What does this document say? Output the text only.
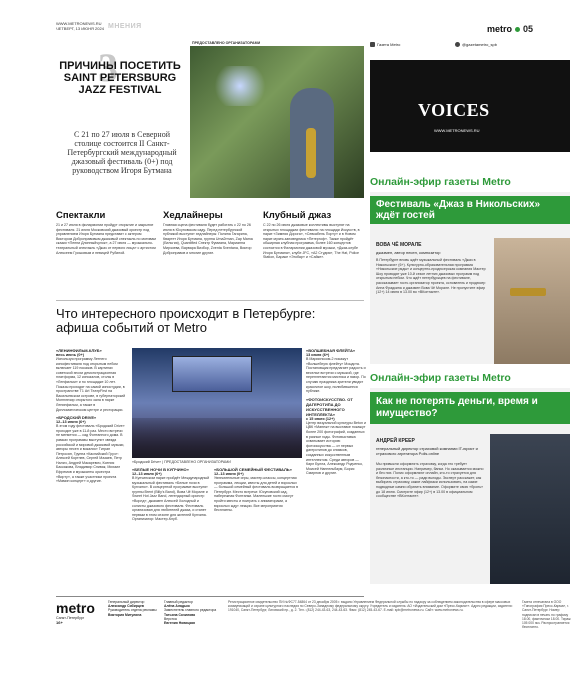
WWW.METRONEWS.RU
ЧЕТВЕРГ, 13 ИЮНЯ 2024 МНЕНИЯ
Газета Metro	@gazetametro_spb
metro 05
3
ПРИЧИНЫ ПОСЕТИТЬ SAINT PETERSBURG JAZZ FESTIVAL
С 21 по 27 июля в Северной столице состоится II Санкт-Петербургский международный джазовый фестиваль (0+) под руководством Игоря Бутмана
ПРЕДОСТАВЛЕНО ОРГАНИЗАТОРАМИ
Спектакли
21 и 27 июля в филармонии пройдут открытие и закрытие фестиваля. 21 июля Московский джазовый оркестр под управлением Игоря Бутмана представит с актером Виктором Добронравовым джазовый спектакль по мотивам сказки «Пеппи Длинныйчулок», а 27 июля — музыкально-театральный спектакль «Джаз от первого лица» с артистом Алексеем Гуськовым и певицей Рубиной.
Хедлайнеры
Главная сцена фестиваля будет работать с 22 по 26 июля в Юсуповском саду. Перед петербургской публикой выступят хедлайнеры: Полина Гагарина, Квартет Игоря Бутмана, группа Uma2rman, Zap Mama (Бельгия), Quantified Спектр Фумиана, Марианна Мирзоева, Варвара Визбор, Zventa Sventana, Виктор Добронравов и многие другие.
Клубный джаз
С 22 по 26 июля джазовые коллективы выступят на открытых площадках фестиваля: на площади Искусств, в парке «Зимняя Дорога», «Севкабель Порту» и в Новом парке музея-заповедника «Петергоф». Также пройдёт обширная клубная программа, более 160 концертов состоится в Филармонии джазовой музыки, «Джаз-клубе Игоря Бутмана», клубе JFC, «А2 Студия», The Hat, Police Station, Бараке «Эгобар» и «Сайке».
Что интересного происходит в Петербурге: афиша событий от Metro
«ЛЕНИНФИЛЬМ-КЛУБ»
весь июнь (0+)
Используя программу Летнего кинофестиваля под открытым небом включает 119 показов. В картинах советской эпохи демонстрационная платформа, 12 кинозалов, столы в «Ленфильм» и по площадке 10 лет. Показы проходят на самой киностудии, в пространстве Т1 Art ТеатрFirst на Васильевском острове, в губернаторский Монплезир открытого зала в парке Ленинфильм, а также в Дипломатическом центре и ресторации.
«БРОДСКИЙ DRIVE»
12–13 июня (6+)
В этом году фестиваль «Бродский Drive» проходит уже в 11-й раз. Место встречи не меняется — сад Фонтанного дома. В рамках программы выступит звезда российской и мировой джазовой музыки, авторы песен и вокалист Тигран Петросян, Группа «Каспийский Груз»: Алексей Кортнев, Сергей Мазаев, Петр Налич, Андрей Макаревич, Ксения Баскакова, Владимир Спивак, Михаил Ефремов и музыканты оркестра «Вирту», а также участники проекта «Мамин концерт» и другие.
«Бродский Drive» | ПРЕДОСТАВЛЕНО ОРГАНИЗАТОРАМИ
«БЕЛЫЕ НОЧИ В КУПЧИНО»
12–13 июля (6+)
В Купчинском парке пройдёт Международный музыкальный фестиваль «Белые ночи в Купчино». В концертной программе выступят группы Brent (Billy's Band), Вова Чё Морале и Sweet Hot Jazz Band, легендарный оркестр «Ворлд», джазмен Алексей Холодный и солисты джазового фестиваля. Фестиваль организован для любителей джаза, и станет первым в этом сезоне для жителей Купчина. Организатор: Мастер-Клуб.
«БОЛЬШОЙ СЕМЕЙНЫЙ ФЕСТИВАЛЬ»
12–13 июня (0+)
Увлекательные игры, мастер-классы, концертная программа, лекции, квесты для детей и взрослых — большой семейный фестиваль возвращается в Петербург. Место встречи: Юсуповский сад, набережная Фонтанки. Маленькие гости смогут пройти квесты и поиграть с аниматорами, а взрослых ждут лекции. Все мероприятия бесплатны.
«ВОЛШЕБНАЯ ФЛЕЙТА»
13 июля (6+)
В Мариинском-2 покажут «Волшебную флейту» Моцарта. Постановщик предлагает радость и веселье встречи с музыкой, где переплетаются мистика и юмор. По случаю праздника зрители увидят красочное шоу, полюбившееся публике.
«ФОТОИСКУССТВО. ОТ ДАГЕРОТИПА ДО ИСКУССТВЕННОГО ИНТЕЛЛЕКТА»
с 15 июля (12+)
Центр визуальной культуры Beton и ЦВК «Манеж» на выставке покажут более 200 фотографий, созданных в разные годы. Фотовыставка охватывает историю фотоискусства — от первых дагеротипов до снимков, созданных искусственным интеллектом. Среди авторов — Карл Булла, Александр Родченко, Моисей Наппельбаум, Борис Смирнов и другие.
metro
Санкт-Петербург
16+
Генеральный директор
Александр Сибирцев
Руководитель отдела рекламы
Виктория Мигулина
Главный редактор
Алёна Аладько
Заместитель главного редактора
Татьяна Сочилова
Верстка
Евгения Новицкая
Регистрационное свидетельство ПИ №ФС77-54864 от 23 декабря 2005 г. выдано Управлением Федеральной службы по надзору за соблюдением законодательства в сфере массовых коммуникаций и охране культурного наследия по Северо-Западному федеральному округу. Учредитель и издатель: АО «Издательский дом «Пресс-Карма»». Адрес редакции, издателя: 191040, Санкт-Петербург, Лиговский пр., д. 2. Тел.: (812) 244-43-63, 244-43-63. Факс: (812) 245-43-67. E-mail: spb@metronews.ru. Сайт: www.metronews.ru.
Газета отпечатана в ООО «Типография Пресс-Карма», г. Санкт-Петербург. Номер подписан в печать по графику 18.00, фактически 18.00. Тираж 105 000 экз. Распространяется бесплатно.
VOICES
WWW.METRONEWS.RU
Онлайн-эфир газеты Metro
Фестиваль «Джаз в Никольских» ждёт гостей
ВОВА ЧЁ МОРАЛЕ
джазмен, автор песен, композитор
В Петербурге вновь ждёт музыкальный фестиваль «Джаз в Никольских» (6+). Культурно-образовательная программа «Никольские ряды» и концертно-продюсерская компания Мастер Шоу проводят уже 10-й сезон летних джазовых программ под открытым небом. Что ждёт петербуржцев на фестивале, рассказывает гость организатор проекта, основатель и продюсер Анна Фрадкина и джазмен Вова Чё Морале. Не пропустите эфир (12+) 14 июня в 13.00 во «ВКонтакте».
Онлайн-эфир газеты Metro
Как не потерять деньги, время и имущество?
АНДРЕЙ КРЕЕР
генеральный директор страховой компании IT-юрист и страхового агрегатора Polis.online
Мы привыкли оформлять страховку, когда это требует различные инстанции. Например, банки. Но оказывается можно и без них. Полис оформляют онлайн, кто-то страхуется для безопасности, а кто-то — ради выгоды. Эксперт расскажет, как выбирать страховку, какие лайфхаки использовать, на какие подводные камни обратить внимание. Оформите свою «бронь» до 18 июня. Смотрите эфир (12+) в 13.00 в официальном сообществе «ВКонтакте».
